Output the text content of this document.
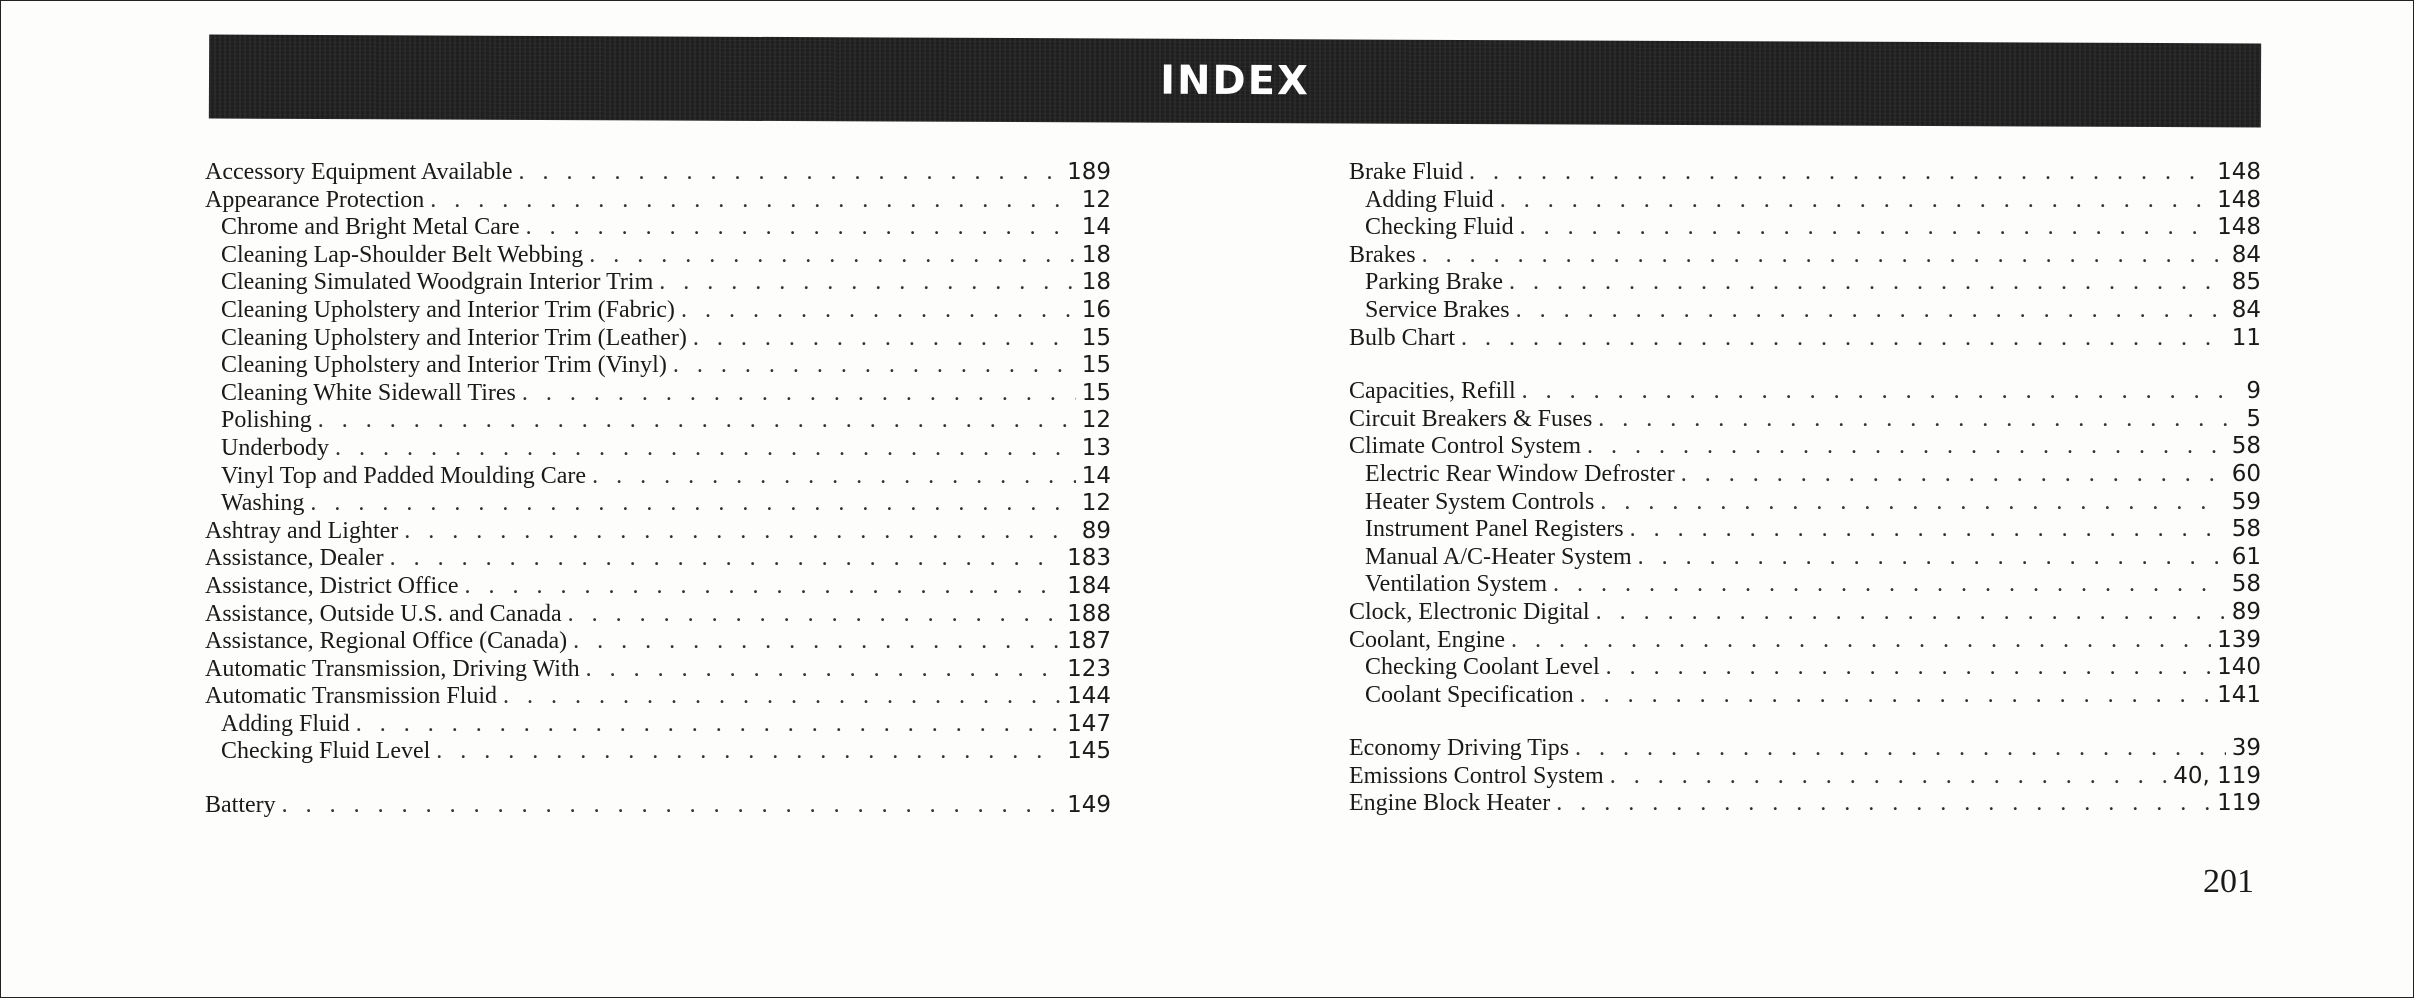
INDEX
Accessory Equipment Available . . .	189
Appearance Protection . . .	12
Chrome and Bright Metal Care . . .	14
Cleaning Lap-Shoulder Belt Webbing . . .	18
Cleaning Simulated Woodgrain Interior Trim . . .	18
Cleaning Upholstery and Interior Trim (Fabric) . . .	16
Cleaning Upholstery and Interior Trim (Leather) . . .	15
Cleaning Upholstery and Interior Trim (Vinyl) . . .	15
Cleaning White Sidewall Tires . . .	15
Polishing . . .	12
Underbody . . .	13
Vinyl Top and Padded Moulding Care . . .	14
Washing . . .	12
Ashtray and Lighter . . .	89
Assistance, Dealer . . .	183
Assistance, District Office . . .	184
Assistance, Outside U.S. and Canada . . .	188
Assistance, Regional Office (Canada) . . .	187
Automatic Transmission, Driving With . . .	123
Automatic Transmission Fluid . . .	144
Adding Fluid . . .	147
Checking Fluid Level . . .	145
Battery . . .	149
Brake Fluid . . .	148
Adding Fluid . . .	148
Checking Fluid . . .	148
Brakes . . .	84
Parking Brake . . .	85
Service Brakes . . .	84
Bulb Chart . . .	11
Capacities, Refill . . .	9
Circuit Breakers & Fuses . . .	5
Climate Control System . . .	58
Electric Rear Window Defroster . . .	60
Heater System Controls . . .	59
Instrument Panel Registers . . .	58
Manual A/C-Heater System . . .	61
Ventilation System . . .	58
Clock, Electronic Digital . . .	89
Coolant, Engine . . .	139
Checking Coolant Level . . .	140
Coolant Specification . . .	141
Economy Driving Tips . . .	39
Emissions Control System . . .	40, 119
Engine Block Heater . . .	119
201
